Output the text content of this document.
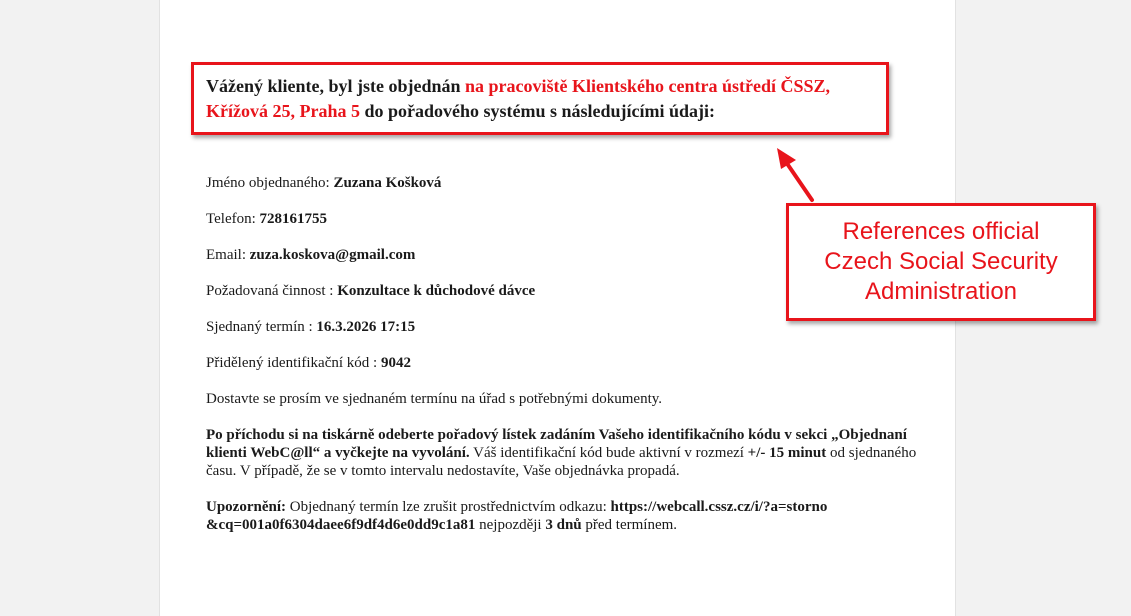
Vážený kliente, byl jste objednán na pracoviště Klientského centra ústředí ČSSZ,
Křížová 25, Praha 5 do pořadového systému s následujícími údaji:

Jméno objednaného: Zuzana Košková

Telefon: 728161755

Email: zuza.koskova@gmail.com

Požadovaná činnost : Konzultace k důchodové dávce

Sjednaný termín : 16.3.2026 17:15

Přidělený identifikační kód : 9042

Dostavte se prosím ve sjednaném termínu na úřad s potřebnými dokumenty.

Po příchodu si na tiskárně odeberte pořadový lístek zadáním Vašeho identifikačního kódu v sekci „Objednaní klienti WebC@ll“ a vyčkejte na vyvolání. Váš identifikační kód bude aktivní v rozmezí +/- 15 minut od sjednaného času. V případě, že se v tomto intervalu nedostavíte, Vaše objednávka propadá.

Upozornění: Objednaný termín lze zrušit prostřednictvím odkazu: https://webcall.cssz.cz/i/?a=storno&cq=001a0f6304daee6f9df4d6e0dd9c1a81 nejpozději 3 dnů před termínem.

References official
Czech Social Security
Administration
